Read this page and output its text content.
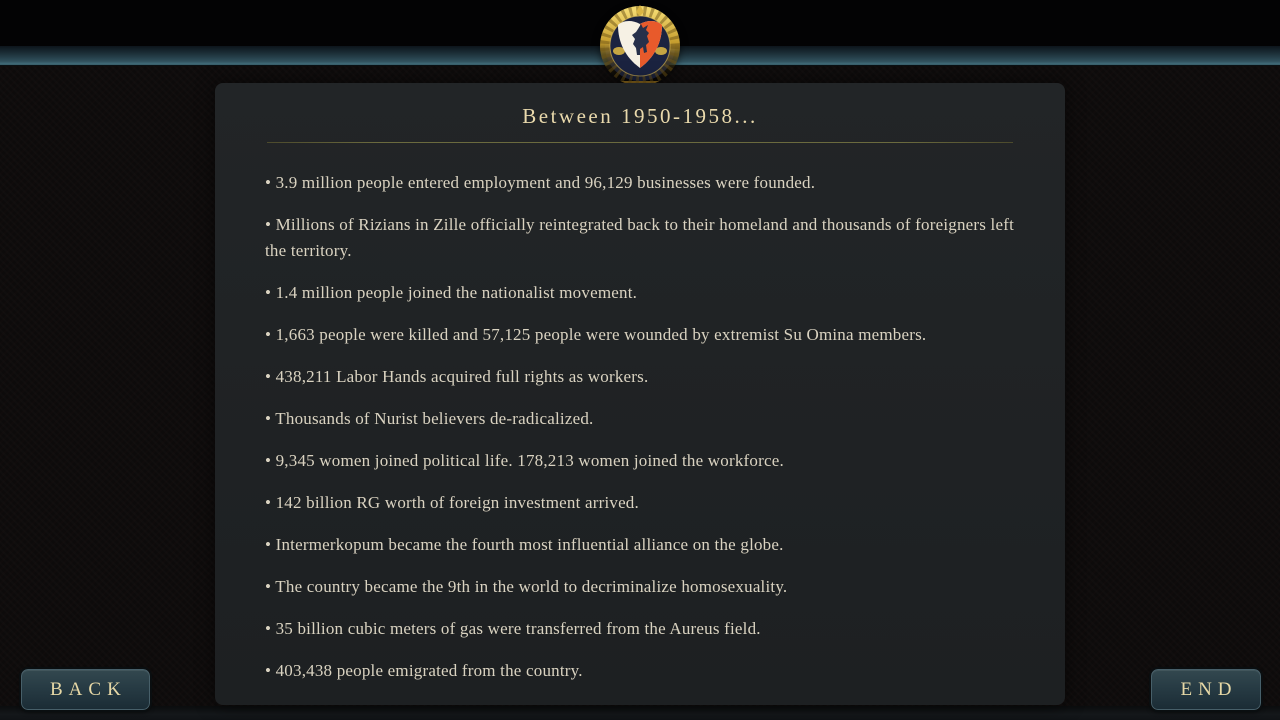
Between 1950-1958...

• 3.9 million people entered employment and 96,129 businesses were founded.

• Millions of Rizians in Zille officially reintegrated back to their homeland and thousands of foreigners left the territory.

• 1.4 million people joined the nationalist movement.

• 1,663 people were killed and 57,125 people were wounded by extremist Su Omina members.

• 438,211 Labor Hands acquired full rights as workers.

• Thousands of Nurist believers de-radicalized.

• 9,345 women joined political life. 178,213 women joined the workforce.

• 142 billion RG worth of foreign investment arrived.

• Intermerkopum became the fourth most influential alliance on the globe.

• The country became the 9th in the world to decriminalize homosexuality.

• 35 billion cubic meters of gas were transferred from the Aureus field.

• 403,438 people emigrated from the country.

BACK	END
